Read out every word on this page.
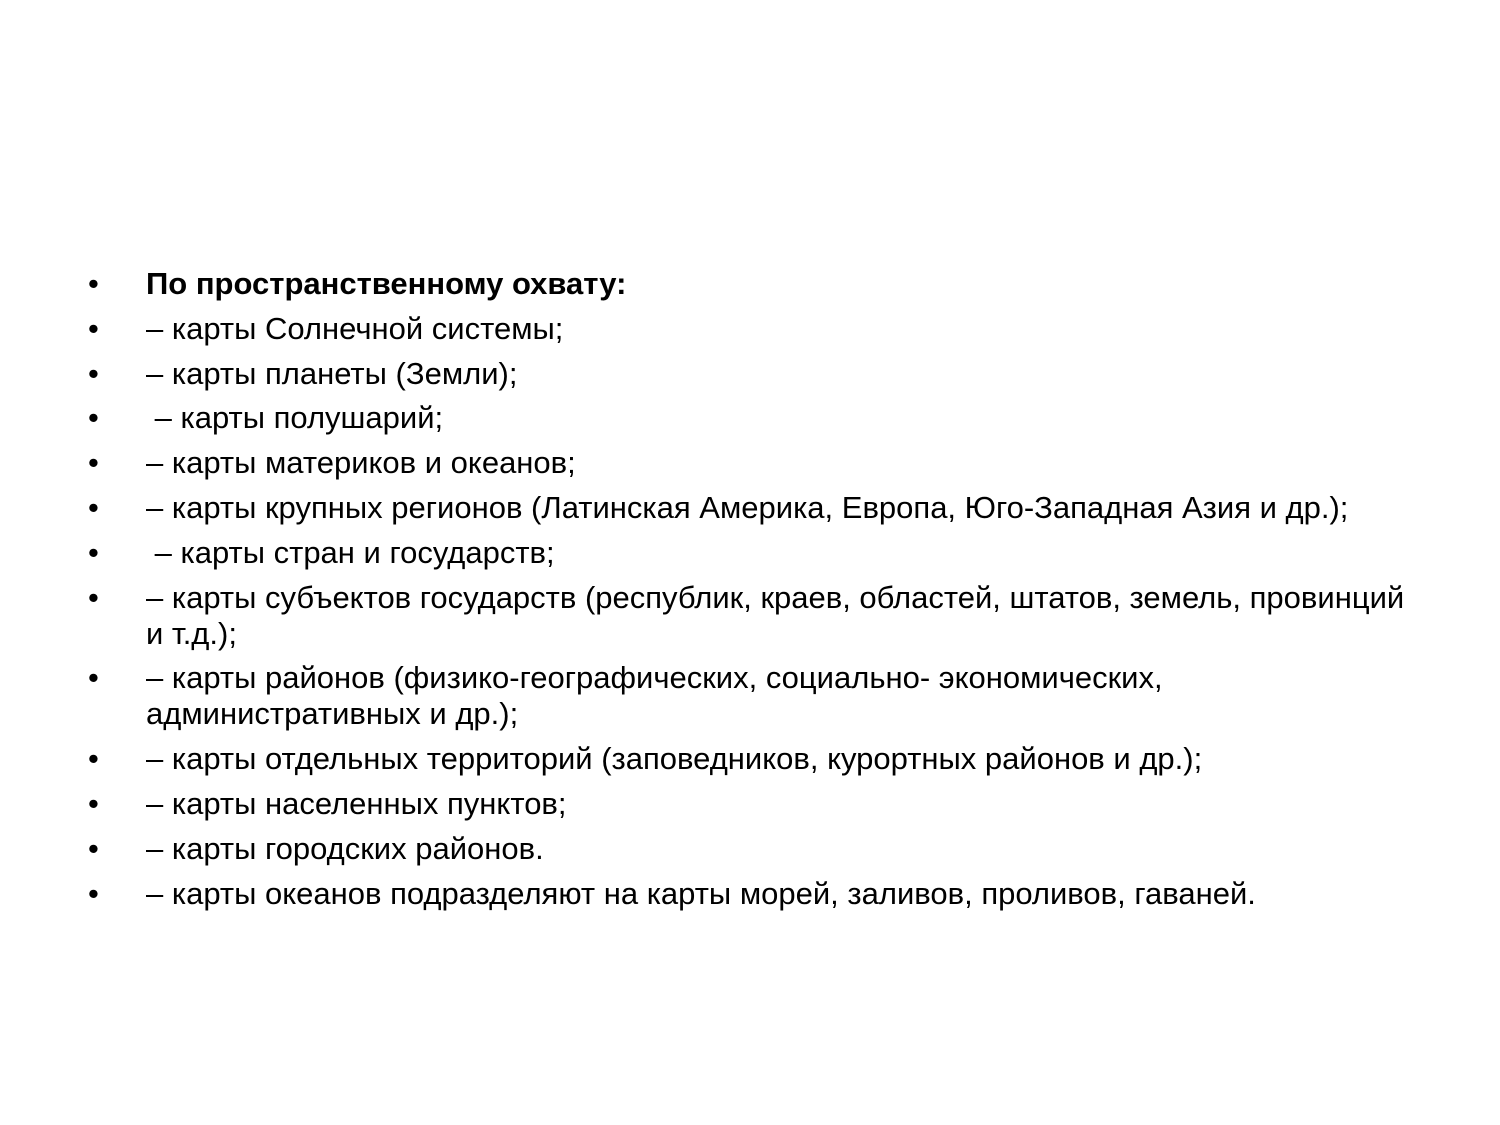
•	По пространственному охвату:
•	– карты Солнечной системы;
•	– карты планеты (Земли);
•	– карты полушарий;
•	– карты материков и океанов;
•	– карты крупных регионов (Латинская Америка, Европа, Юго-Западная Азия и др.);
•	– карты стран и государств;
•	– карты субъектов государств (республик, краев, областей, штатов, земель, провинций и т.д.);
•	– карты районов (физико-географических, социально- экономических, административных и др.);
•	– карты отдельных территорий (заповедников, курортных районов и др.);
•	– карты населенных пунктов;
•	– карты городских районов.
•	– карты океанов подразделяют на карты морей, заливов, проливов, гаваней.
